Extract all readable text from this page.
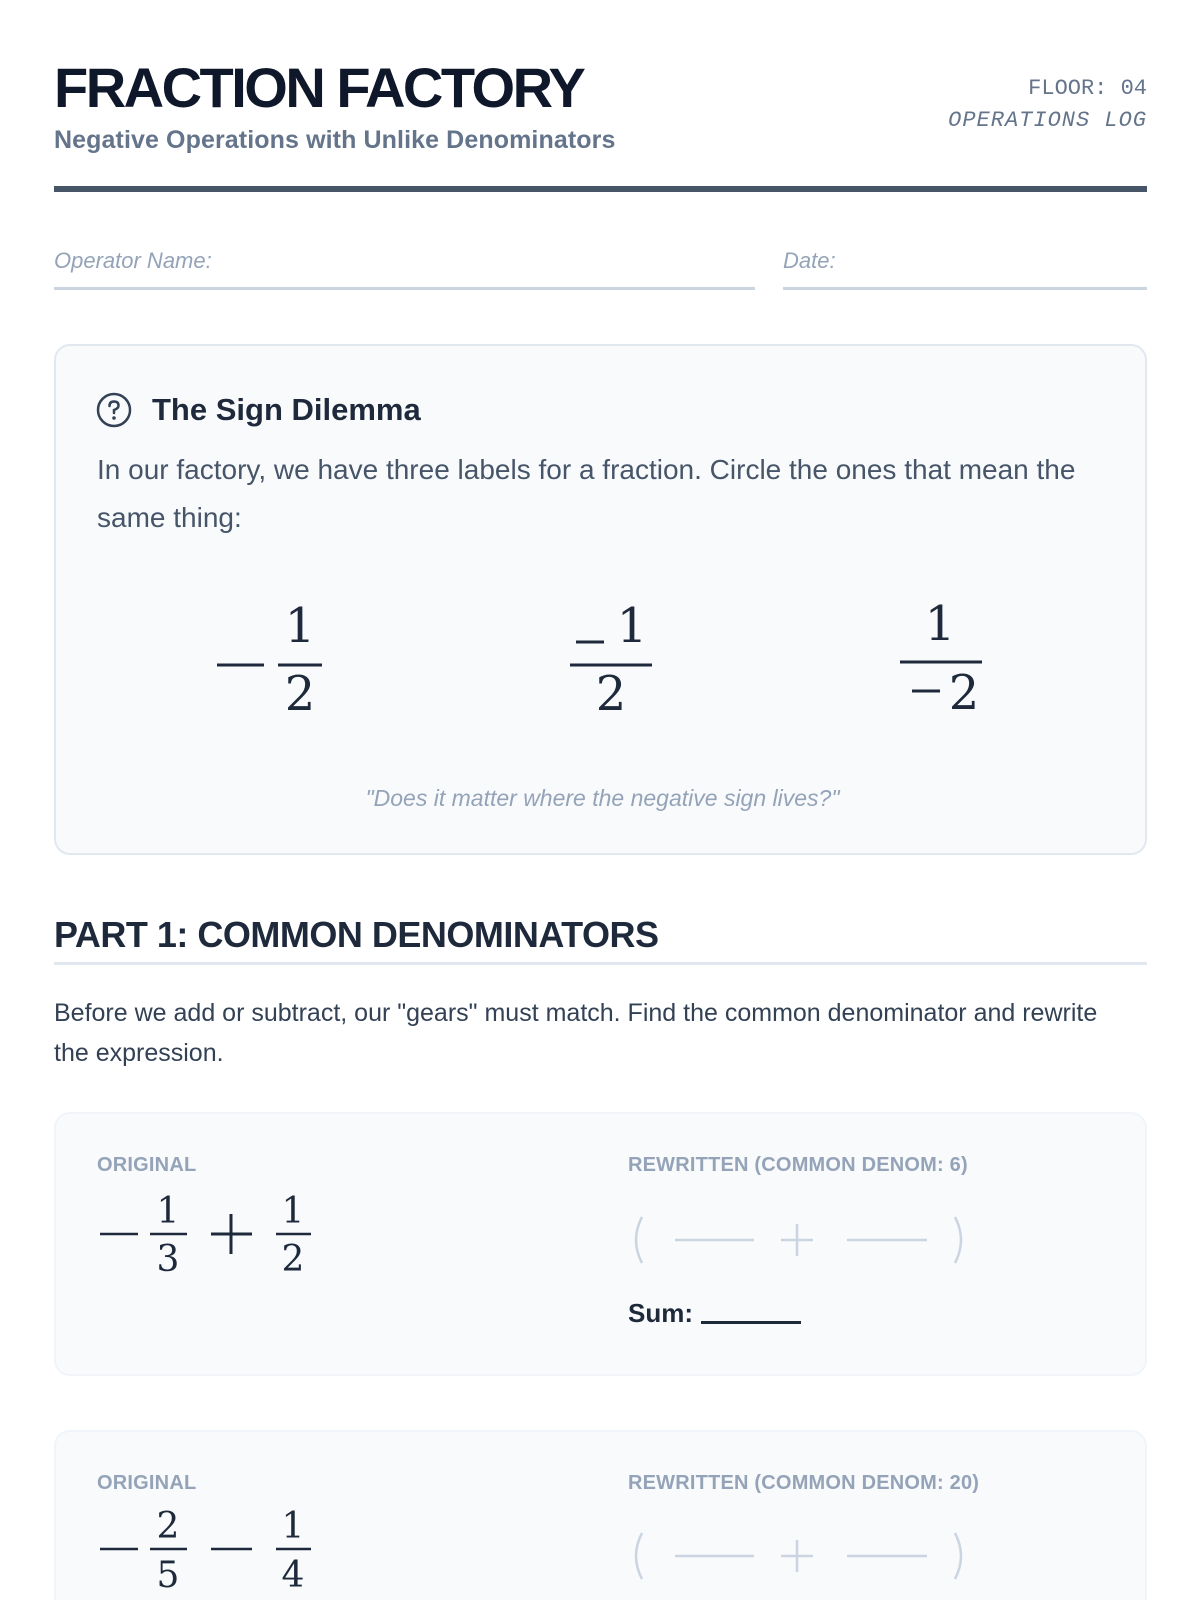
FRACTION FACTORY
Negative Operations with Unlike Denominators
FLOOR: 04
OPERATIONS LOG
Operator Name:	Date:
The Sign Dilemma
In our factory, we have three labels for a fraction. Circle the ones that mean the same thing:
1
2
1
2
1
2
"Does it matter where the negative sign lives?"
PART 1: COMMON DENOMINATORS
Before we add or subtract, our "gears" must match. Find the common denominator and rewrite the expression.
ORIGINAL	REWRITTEN (COMMON DENOM: 6)
1
3
1
2
Sum:
ORIGINAL	REWRITTEN (COMMON DENOM: 20)
2
5
1
4
